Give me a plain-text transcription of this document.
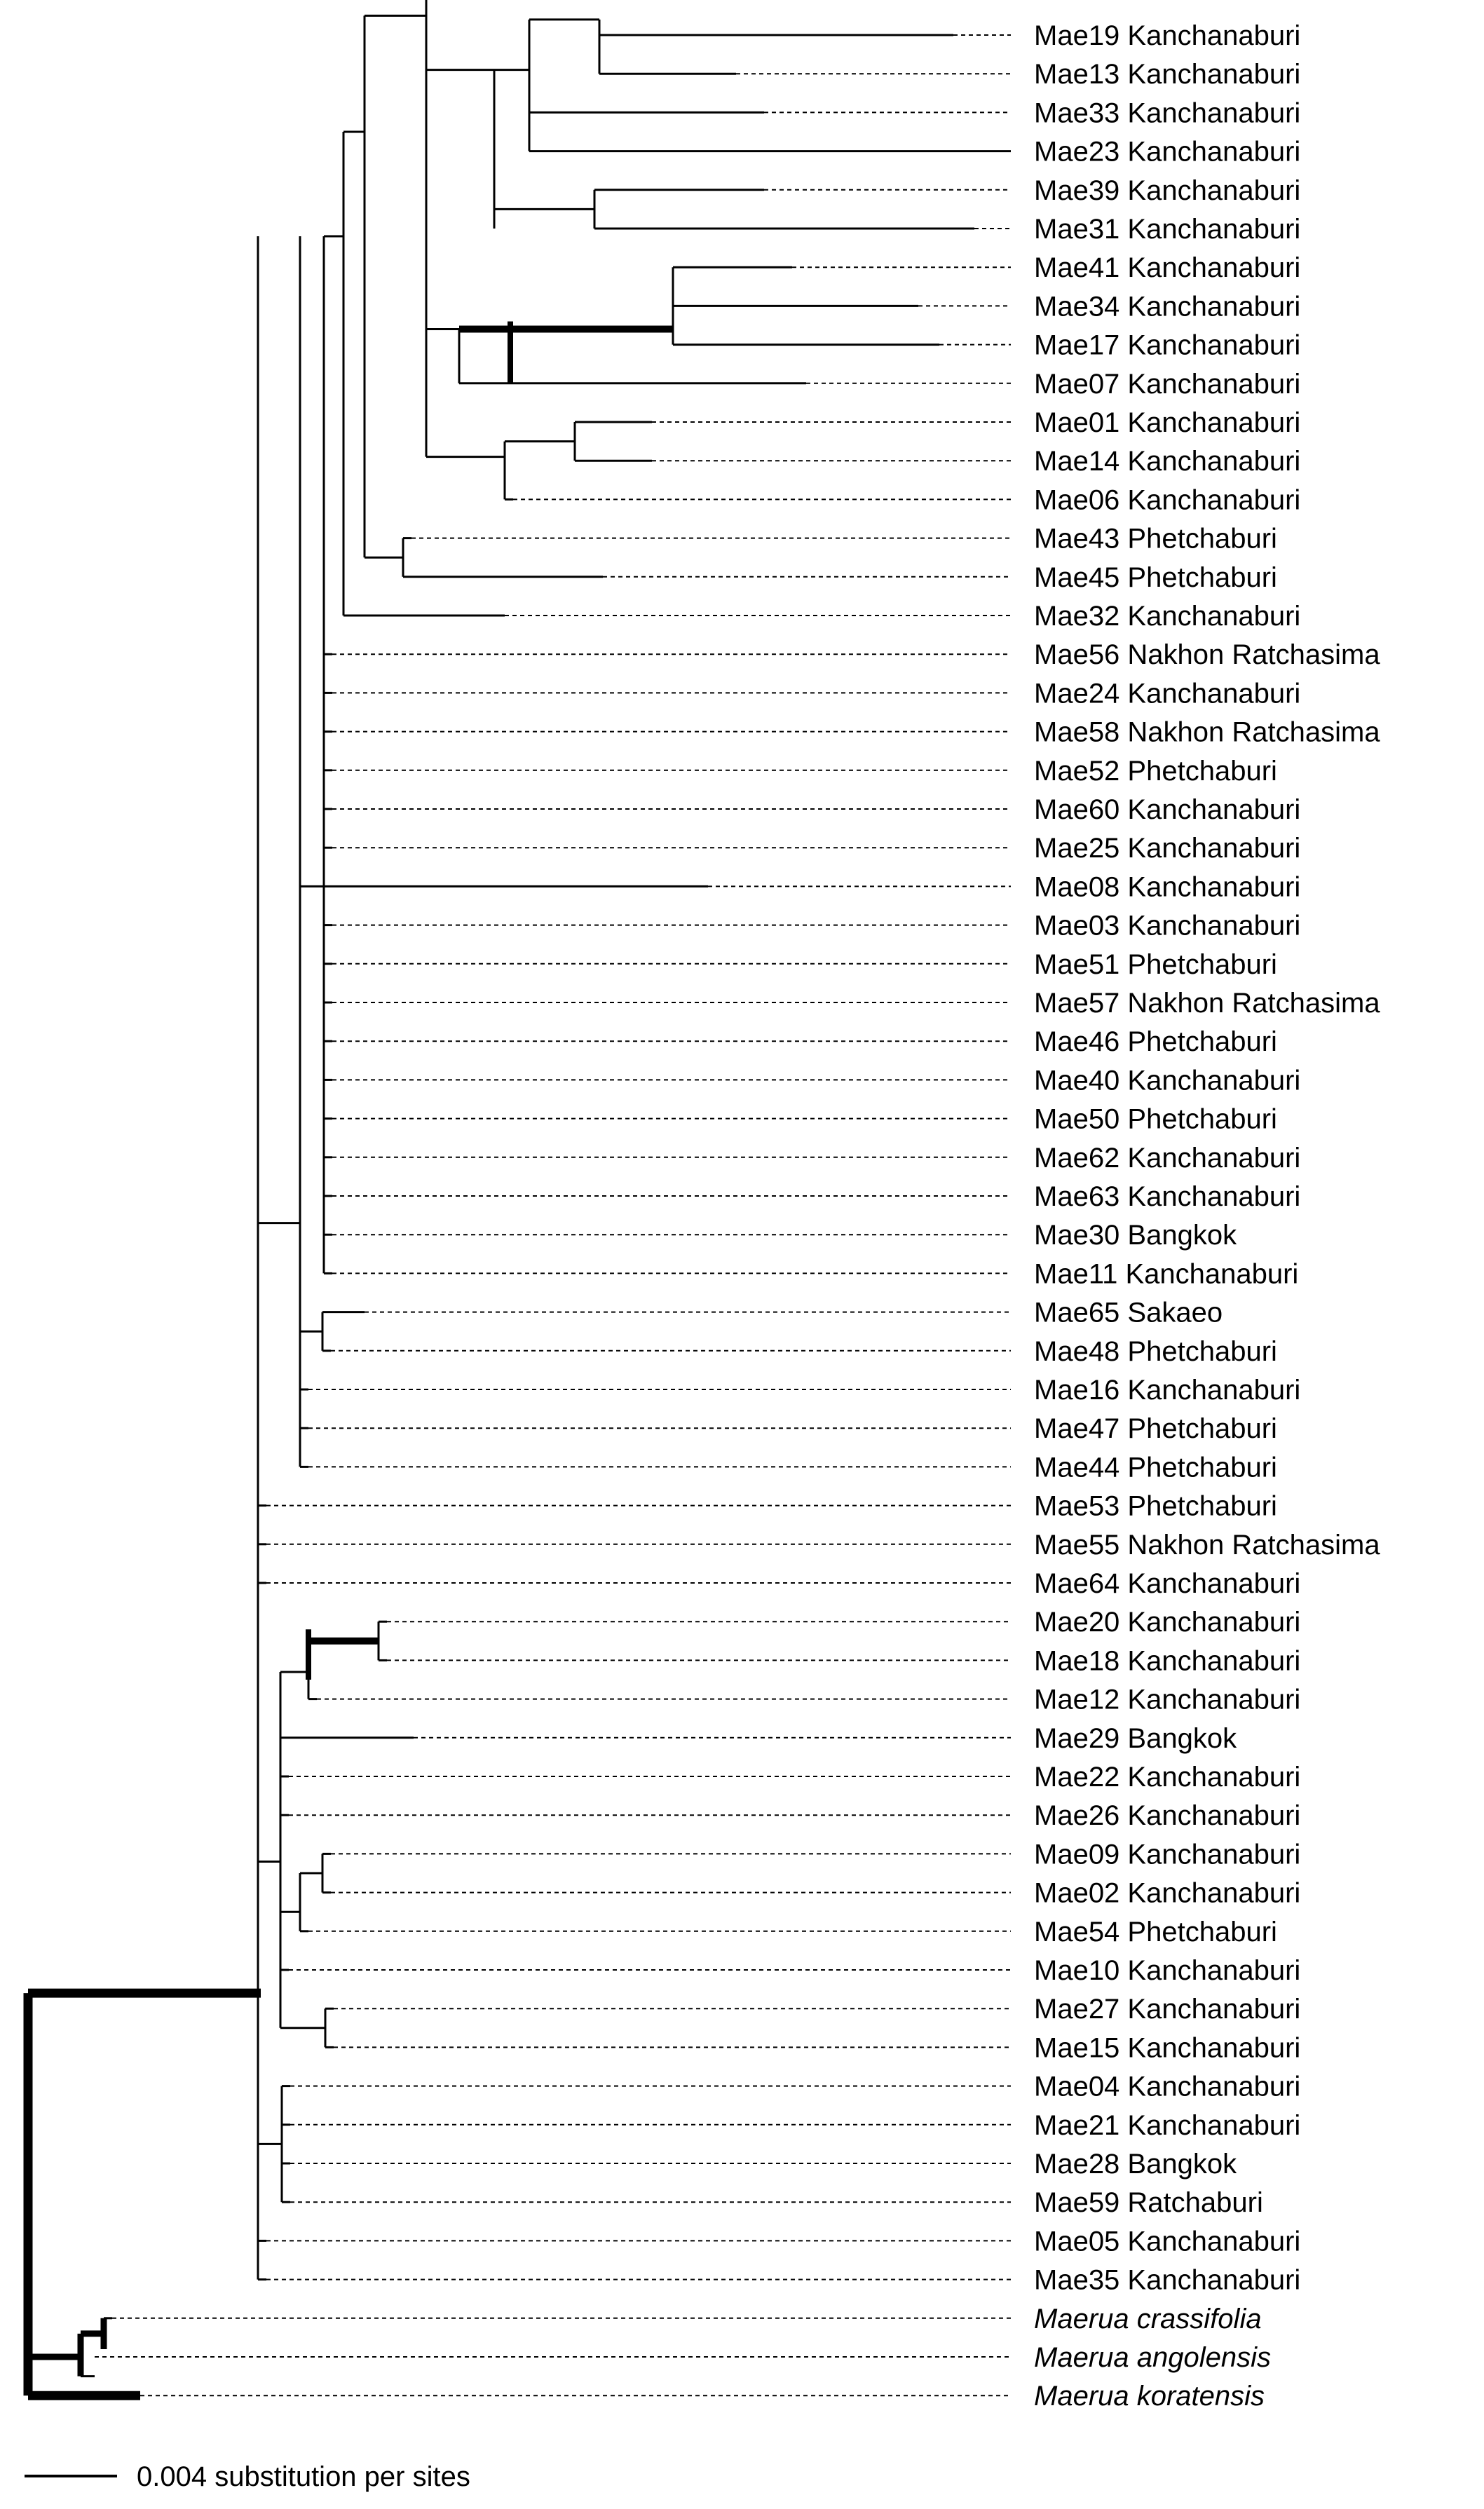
Mae19 Kanchanaburi
Mae13 Kanchanaburi
Mae33 Kanchanaburi
Mae23 Kanchanaburi
Mae39 Kanchanaburi
Mae31 Kanchanaburi
Mae41 Kanchanaburi
Mae34 Kanchanaburi
Mae17 Kanchanaburi
Mae07 Kanchanaburi
Mae01 Kanchanaburi
Mae14 Kanchanaburi
Mae06 Kanchanaburi
Mae43 Phetchaburi
Mae45 Phetchaburi
Mae32 Kanchanaburi
Mae56 Nakhon Ratchasima
Mae24 Kanchanaburi
Mae58 Nakhon Ratchasima
Mae52 Phetchaburi
Mae60 Kanchanaburi
Mae25 Kanchanaburi
Mae08 Kanchanaburi
Mae03 Kanchanaburi
Mae51 Phetchaburi
Mae57 Nakhon Ratchasima
Mae46 Phetchaburi
Mae40 Kanchanaburi
Mae50 Phetchaburi
Mae62 Kanchanaburi
Mae63 Kanchanaburi
Mae30 Bangkok
Mae11 Kanchanaburi
Mae65 Sakaeo
Mae48 Phetchaburi
Mae16 Kanchanaburi
Mae47 Phetchaburi
Mae44 Phetchaburi
Mae53 Phetchaburi
Mae55 Nakhon Ratchasima
Mae64 Kanchanaburi
Mae20 Kanchanaburi
Mae18 Kanchanaburi
Mae12 Kanchanaburi
Mae29 Bangkok
Mae22 Kanchanaburi
Mae26 Kanchanaburi
Mae09 Kanchanaburi
Mae02 Kanchanaburi
Mae54 Phetchaburi
Mae10 Kanchanaburi
Mae27 Kanchanaburi
Mae15 Kanchanaburi
Mae04 Kanchanaburi
Mae21 Kanchanaburi
Mae28 Bangkok
Mae59 Ratchaburi
Mae05 Kanchanaburi
Mae35 Kanchanaburi
Maerua crassifolia
Maerua angolensis
Maerua koratensis
0.004 substitution per sites
